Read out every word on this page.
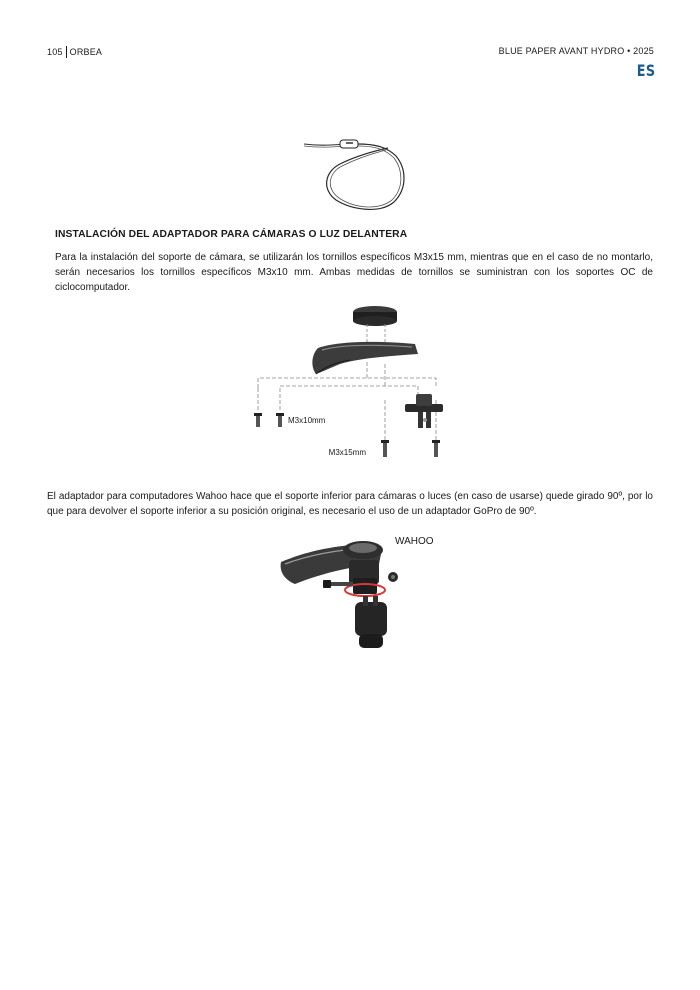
105 ORBEA	BLUE PAPER AVANT HYDRO • 2025
ES
INSTALACIÓN DEL ADAPTADOR PARA CÁMARAS O LUZ DELANTERA
Para la instalación del soporte de cámara, se utilizarán los tornillos específicos M3x15 mm, mientras que en el caso de no montarlo, serán necesarios los tornillos específicos M3x10 mm. Ambas medidas de tornillos se suministran con los soportes OC de ciclocomputador.
M3x10mm
M3x15mm
El adaptador para computadores Wahoo hace que el soporte inferior para cámaras o luces (en caso de usarse) quede girado 90º, por lo que para devolver el soporte inferior a su posición original, es necesario el uso de un adaptador GoPro de 90º.
WAHOO
